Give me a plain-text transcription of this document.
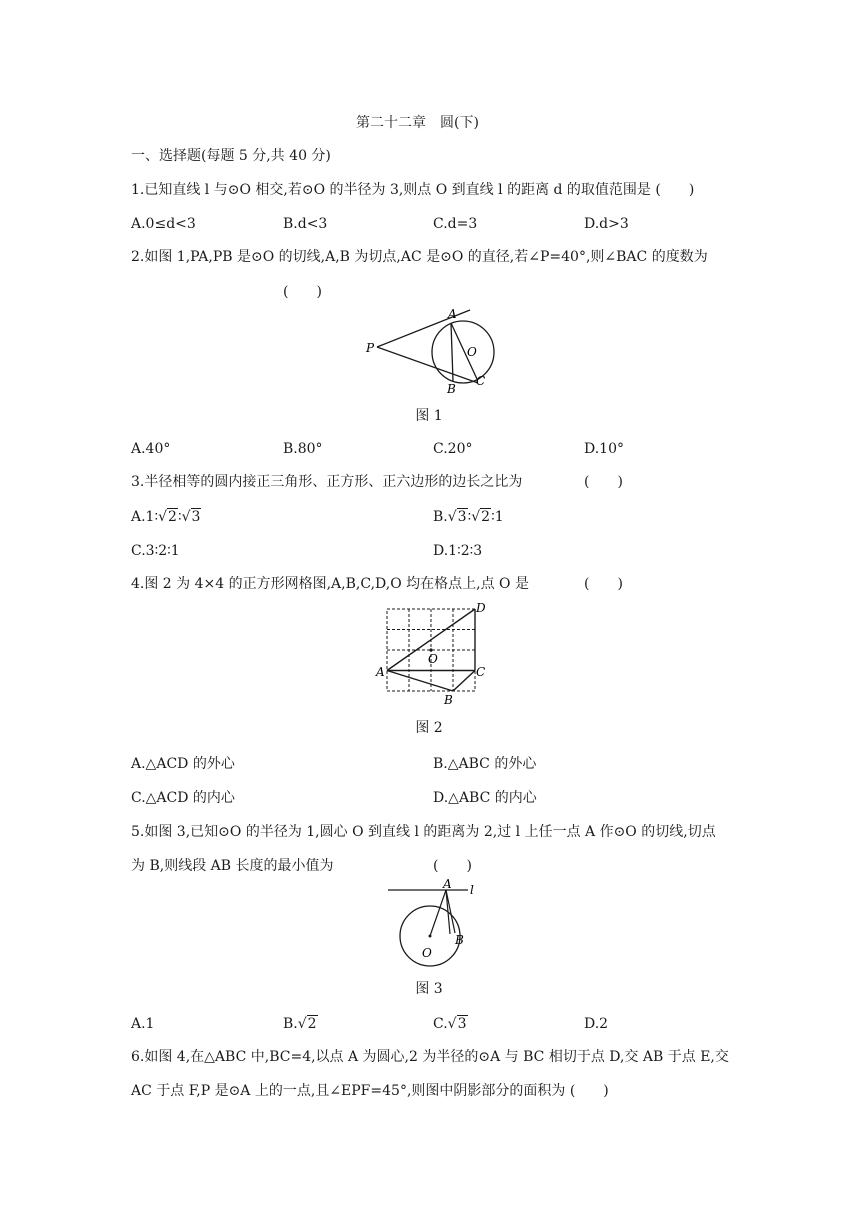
第二十二章　圆(下)
一、选择题(每题 5 分,共 40 分)
1.已知直线 l 与⊙O 相交,若⊙O 的半径为 3,则点 O 到直线 l 的距离 d 的取值范围是 (　　)
A.0≤d<3	B.d<3	C.d=3	D.d>3
2.如图 1,PA,PB 是⊙O 的切线,A,B 为切点,AC 是⊙O 的直径,若∠P=40°,则∠BAC 的度数为
(　　)
P
A
O
B
C
图 1
A.40°	B.80°	C.20°	D.10°
3.半径相等的圆内接正三角形、正方形、正六边形的边长之比为	(　　)
A.1∶√2∶√3	B.√3∶√2∶1
C.3∶2∶1	D.1∶2∶3
4.图 2 为 4×4 的正方形网格图,A,B,C,D,O 均在格点上,点 O 是	(　　)
D
O
A	C
B
图 2
A.△ACD 的外心	B.△ABC 的外心
C.△ACD 的内心	D.△ABC 的内心
5.如图 3,已知⊙O 的半径为 1,圆心 O 到直线 l 的距离为 2,过 l 上任一点 A 作⊙O 的切线,切点
为 B,则线段 AB 长度的最小值为	(　　)
A l
B
O
图 3
A.1	B.√2	C.√3	D.2
6.如图 4,在△ABC 中,BC=4,以点 A 为圆心,2 为半径的⊙A 与 BC 相切于点 D,交 AB 于点 E,交
AC 于点 F,P 是⊙A 上的一点,且∠EPF=45°,则图中阴影部分的面积为 (　　)
